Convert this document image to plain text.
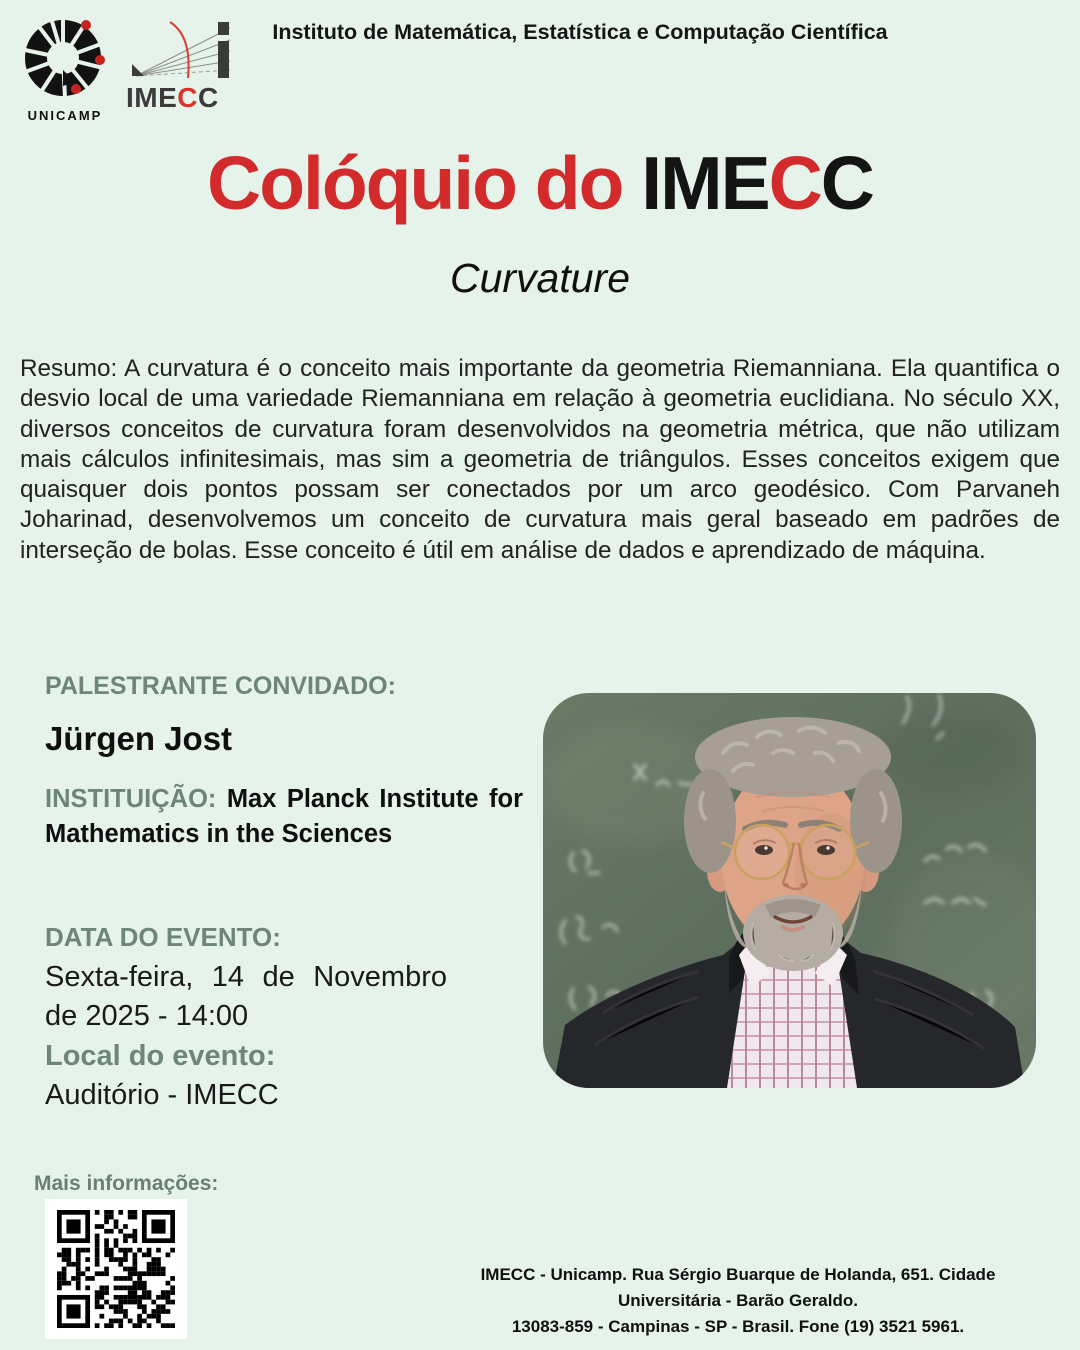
UNICAMP
IMECC
Instituto de Matemática, Estatística e Computação Científica
Colóquio do IMECC
Curvature
Resumo: A curvatura é o conceito mais importante da geometria Riemanniana. Ela quantifica o desvio local de uma variedade Riemanniana em relação à geometria euclidiana. No século XX, diversos conceitos de curvatura foram desenvolvidos na geometria métrica, que não utilizam mais cálculos infinitesimais, mas sim a geometria de triângulos. Esses conceitos exigem que quaisquer dois pontos possam ser conectados por um arco geodésico. Com Parvaneh Joharinad, desenvolvemos um conceito de curvatura mais geral baseado em padrões de interseção de bolas. Esse conceito é útil em análise de dados e aprendizado de máquina.
PALESTRANTE CONVIDADO:
Jürgen Jost
INSTITUIÇÃO: Max Planck Institute for Mathematics in the Sciences
DATA DO EVENTO:
Sexta-feira, 14 de Novembro de 2025 - 14:00
Local do evento:
Auditório - IMECC
Mais informações:
IMECC - Unicamp. Rua Sérgio Buarque de Holanda, 651. Cidade Universitária - Barão Geraldo.
13083-859 - Campinas - SP - Brasil. Fone (19) 3521 5961.
